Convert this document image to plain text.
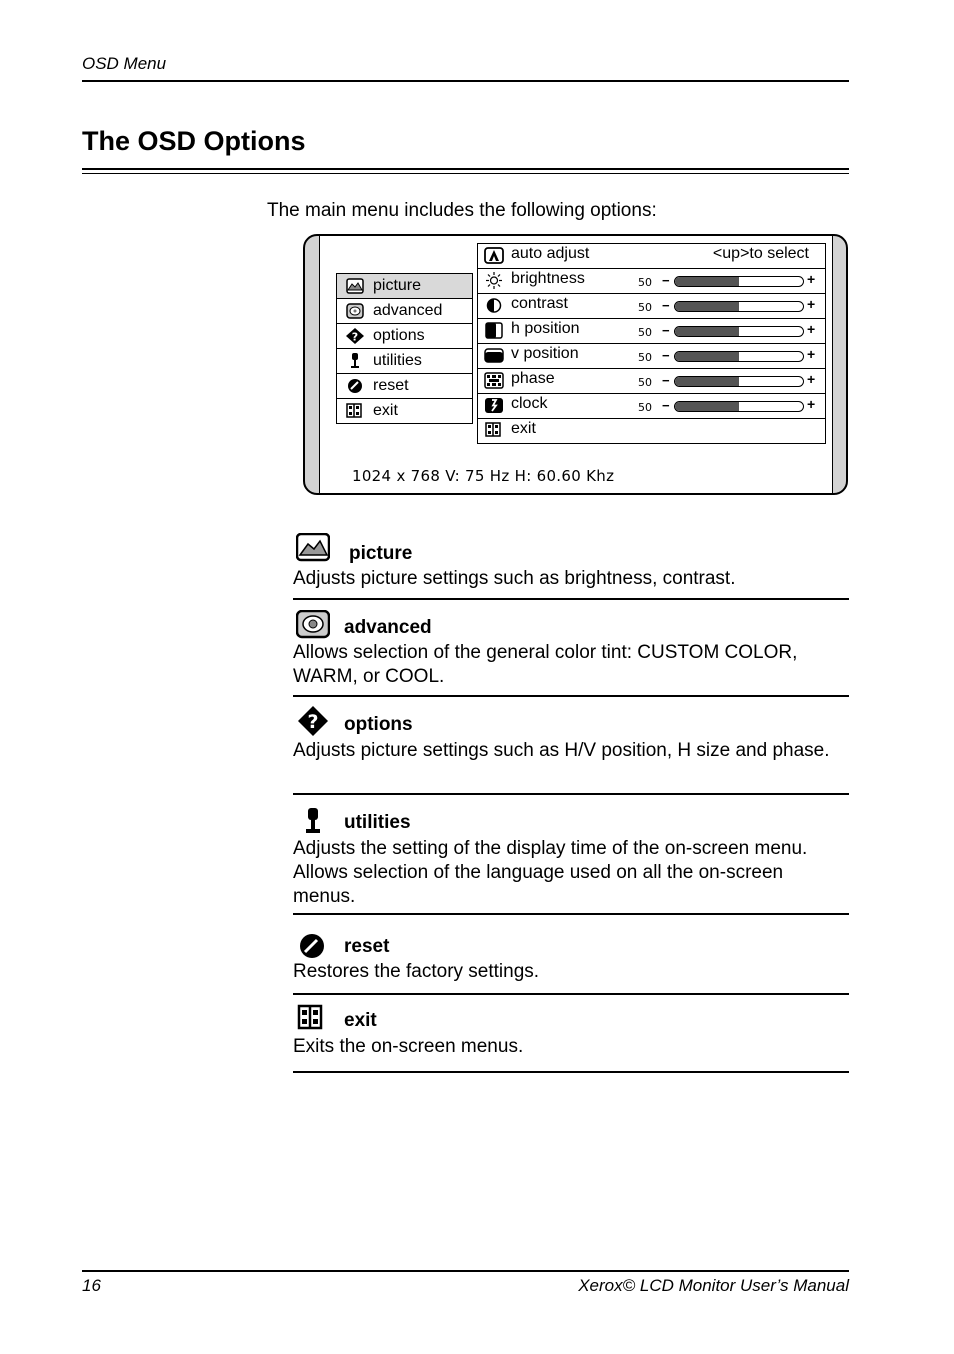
OSD Menu
The OSD Options
The main menu includes the following options:
picture
advanced
? options
utilities
reset
exit
auto adjust	<up>to select
brightness	50 −	+
contrast	50 −	+
h position	50 −	+
v position	50 −	+
phase	50 −	+
clock	50 −	+
exit
1024 x 768 V: 75 Hz H: 60.60 Khz
picture
Adjusts picture settings such as brightness, contrast.
advanced
Allows selection of the general color tint: CUSTOM COLOR, WARM, or COOL.
? options
Adjusts picture settings such as H/V position, H size and phase.
utilities
Adjusts the setting of the display time of the on-screen menu. Allows selection of the language used on all the on-screen menus.
reset
Restores the factory settings.
exit
Exits the on-screen menus.
16	Xerox© LCD Monitor User’s Manual
